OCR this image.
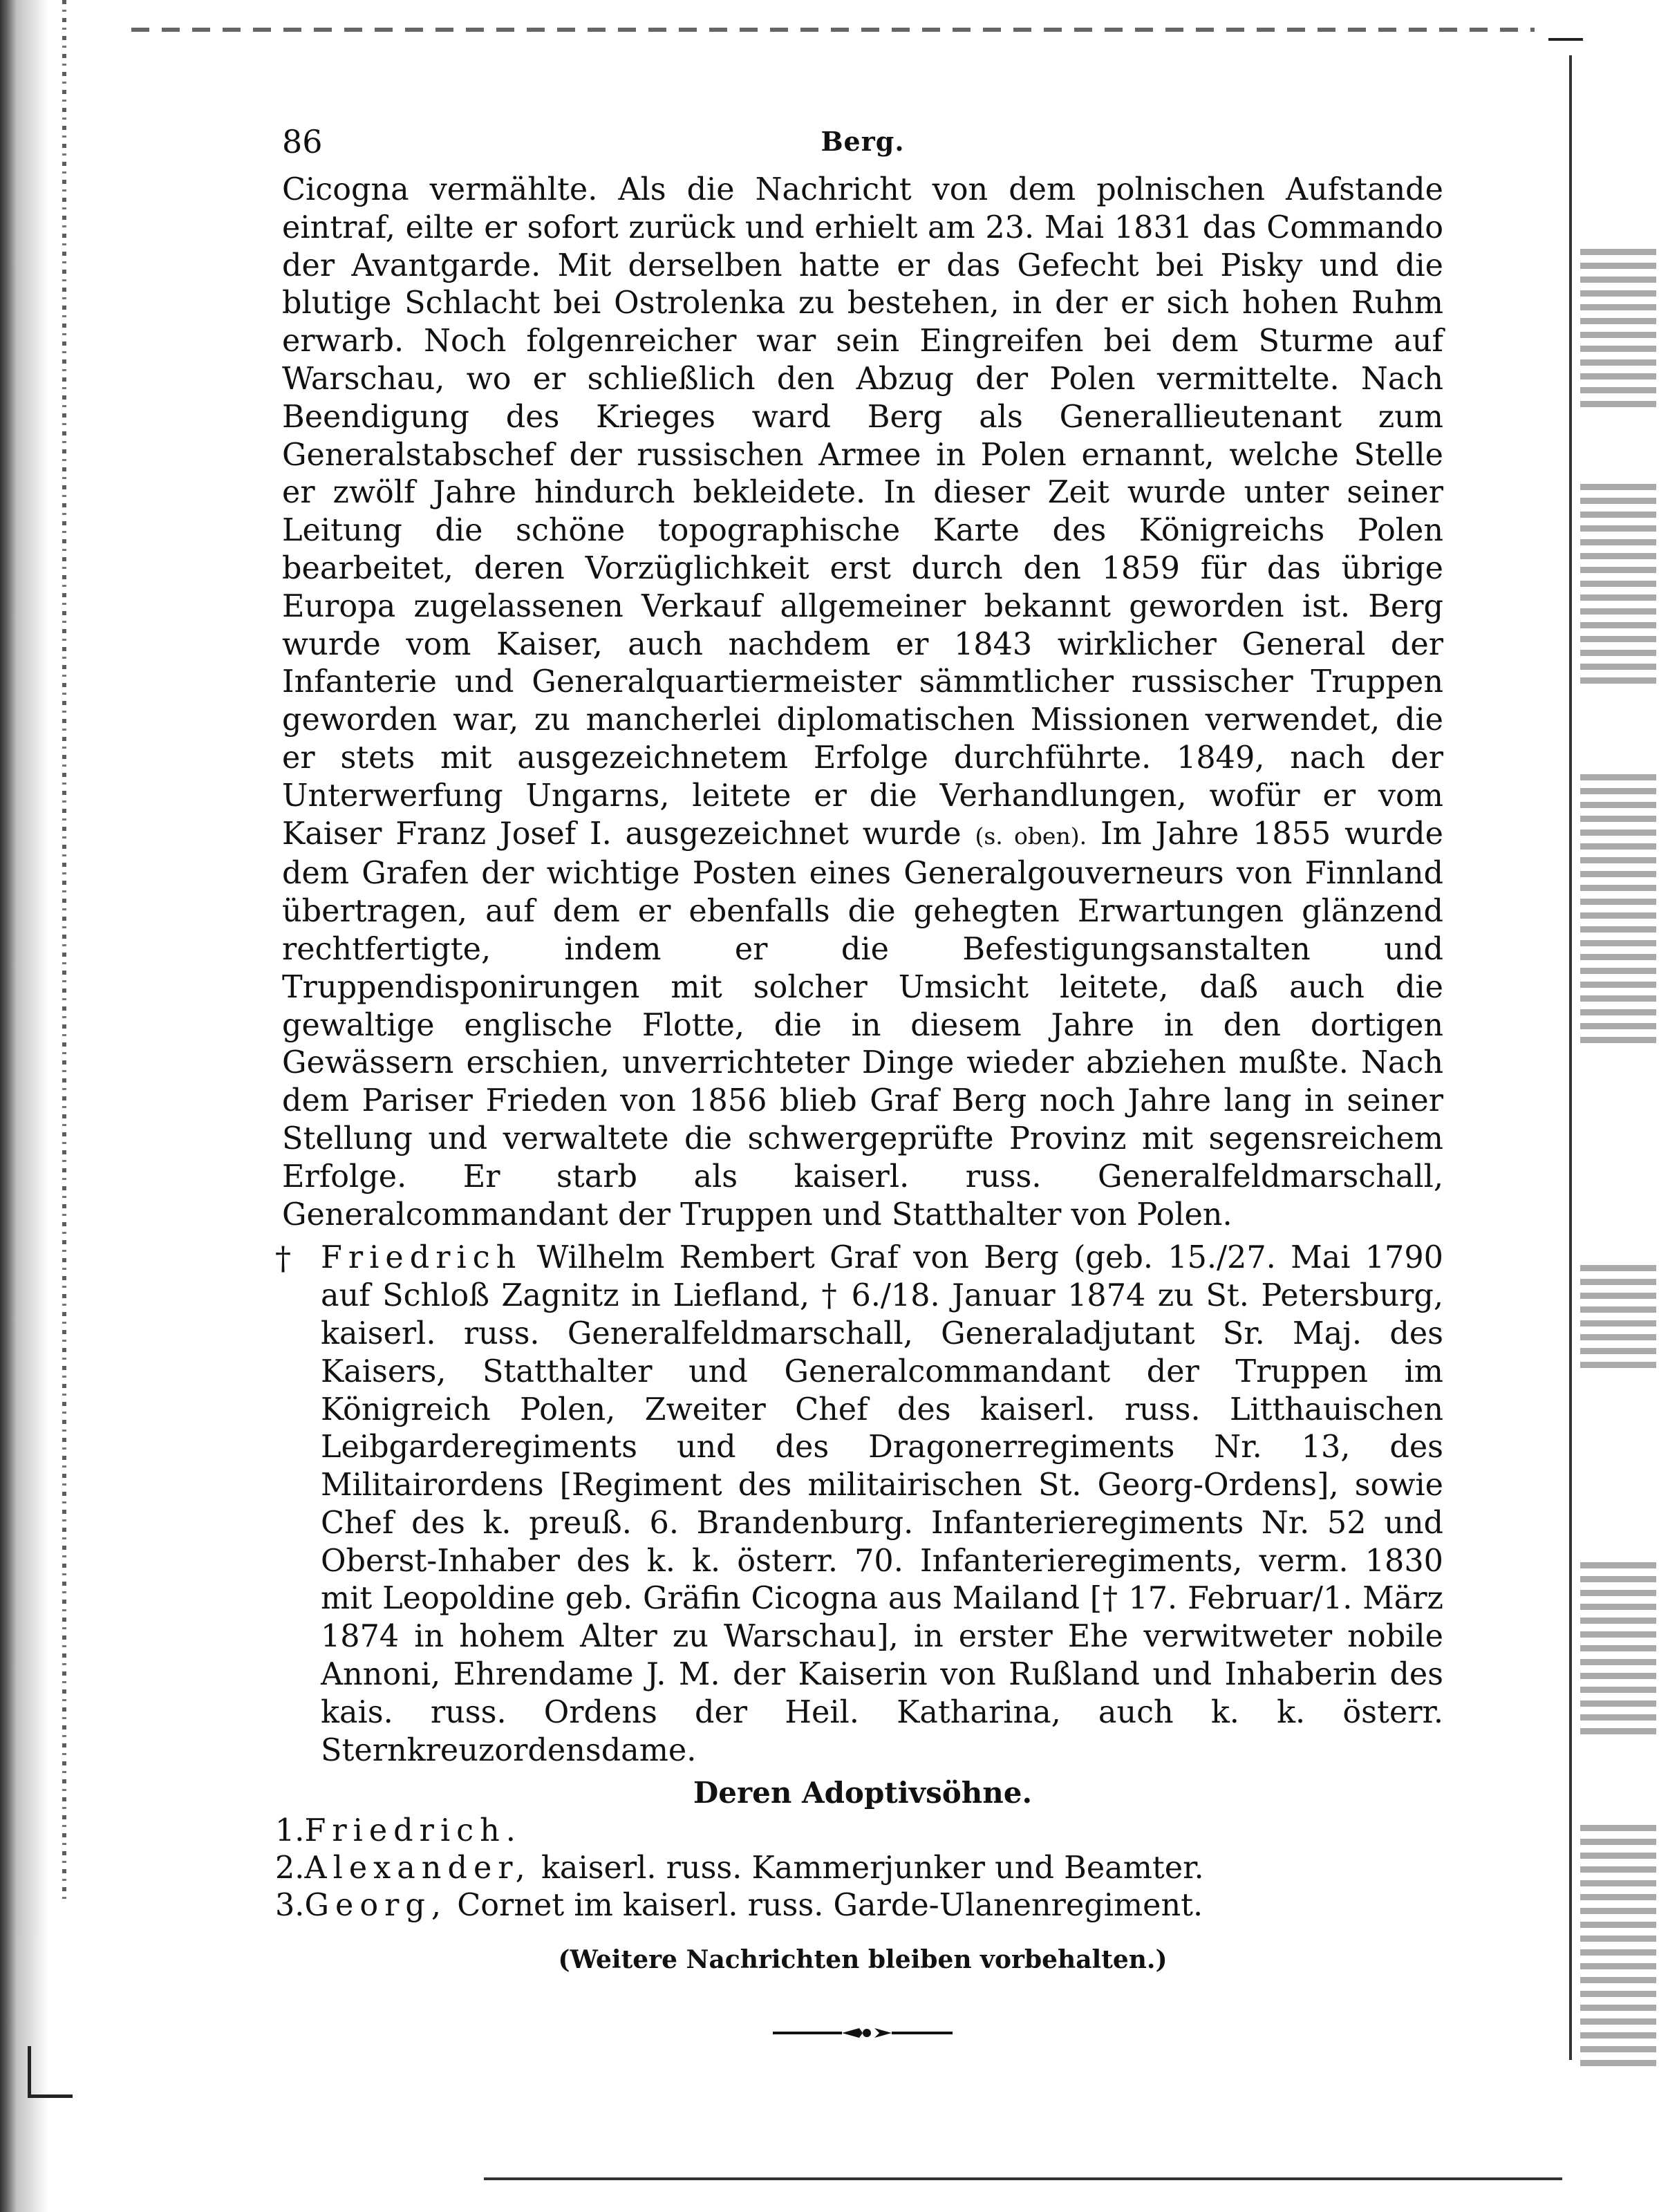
86	Berg.

Cicogna vermählte. Als die Nachricht von dem polnischen Aufstande eintraf, eilte er sofort zurück und erhielt am 23. Mai 1831 das Commando der Avantgarde. Mit derselben hatte er das Gefecht bei Pisky und die blutige Schlacht bei Ostrolenka zu bestehen, in der er sich hohen Ruhm erwarb. Noch folgenreicher war sein Eingreifen bei dem Sturme auf Warschau, wo er schließlich den Abzug der Polen vermittelte. Nach Beendigung des Krieges ward Berg als Generallieutenant zum Generalstabschef der russischen Armee in Polen ernannt, welche Stelle er zwölf Jahre hindurch bekleidete. In dieser Zeit wurde unter seiner Leitung die schöne topographische Karte des Königreichs Polen bearbeitet, deren Vorzüglichkeit erst durch den 1859 für das übrige Europa zugelassenen Verkauf allgemeiner bekannt geworden ist. Berg wurde vom Kaiser, auch nachdem er 1843 wirklicher General der Infanterie und Generalquartiermeister sämmtlicher russischer Truppen geworden war, zu mancherlei diplomatischen Missionen verwendet, die er stets mit ausgezeichnetem Erfolge durchführte. 1849, nach der Unterwerfung Ungarns, leitete er die Verhandlungen, wofür er vom Kaiser Franz Josef I. ausgezeichnet wurde (s. oben). Im Jahre 1855 wurde dem Grafen der wichtige Posten eines Generalgouverneurs von Finnland übertragen, auf dem er ebenfalls die gehegten Erwartungen glänzend rechtfertigte, indem er die Befestigungsanstalten und Truppendisponirungen mit solcher Umsicht leitete, daß auch die gewaltige englische Flotte, die in diesem Jahre in den dortigen Gewässern erschien, unverrichteter Dinge wieder abziehen mußte. Nach dem Pariser Frieden von 1856 blieb Graf Berg noch Jahre lang in seiner Stellung und verwaltete die schwergeprüfte Provinz mit segensreichem Erfolge. Er starb als kaiserl. russ. Generalfeldmarschall, Generalcommandant der Truppen und Statthalter von Polen.

† Friedrich Wilhelm Rembert Graf von Berg (geb. 15./27. Mai 1790 auf Schloß Zagnitz in Liefland, † 6./18. Januar 1874 zu St. Petersburg, kaiserl. russ. Generalfeldmarschall, Generaladjutant Sr. Maj. des Kaisers, Statthalter und Generalcommandant der Truppen im Königreich Polen, Zweiter Chef des kaiserl. russ. Litthauischen Leibgarderegiments und des Dragonerregiments Nr. 13, des Militairordens [Regiment des militairischen St. Georg-Ordens], sowie Chef des k. preuß. 6. Brandenburg. Infanterieregiments Nr. 52 und Oberst-Inhaber des k. k. österr. 70. Infanterieregiments, verm. 1830 mit Leopoldine geb. Gräfin Cicogna aus Mailand [† 17. Februar/1. März 1874 in hohem Alter zu Warschau], in erster Ehe verwitweter nobile Annoni, Ehrendame J. M. der Kaiserin von Rußland und Inhaberin des kais. russ. Ordens der Heil. Katharina, auch k. k. österr. Sternkreuzordensdame.

Deren Adoptivsöhne.
1.Friedrich.
2.Alexander, kaiserl. russ. Kammerjunker und Beamter.
3.Georg, Cornet im kaiserl. russ. Garde-Ulanenregiment.
(Weitere Nachrichten bleiben vorbehalten.)
